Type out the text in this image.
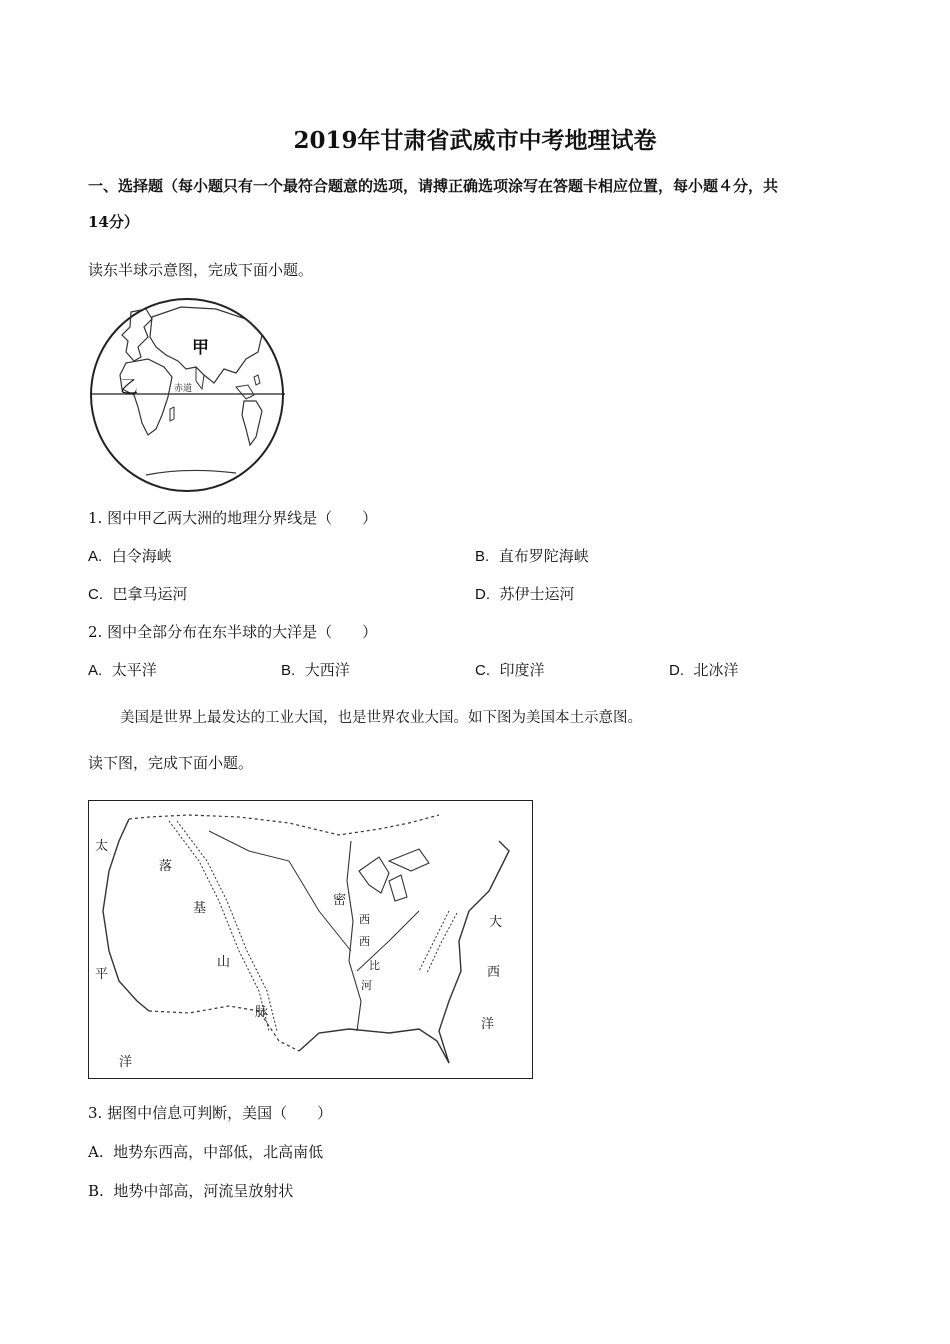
2019年甘肃省武威市中考地理试卷
一、选择题（每小题只有一个最符合题意的选项，请搏正确选项涂写在答题卡相应位置，每小题４分，共
14分）
读东半球示意图，完成下面小题。
甲
乙	赤道
1. 图中甲乙两大洲的地理分界线是（　　）
A. 白令海峡	B. 直布罗陀海峡
C. 巴拿马运河	D. 苏伊士运河
2. 图中全部分布在东半球的大洋是（　　）
A. 太平洋	B. 大西洋	C. 印度洋	D. 北冰洋
美国是世界上最发达的工业大国，也是世界农业大国。如下图为美国本土示意图。
读下图，完成下面小题。
太
平
洋
落
基
山
脉
密
西
西
比
河
大
西
洋
3. 据图中信息可判断，美国（　　）
A. 地势东西高，中部低，北高南低
B. 地势中部高，河流呈放射状
